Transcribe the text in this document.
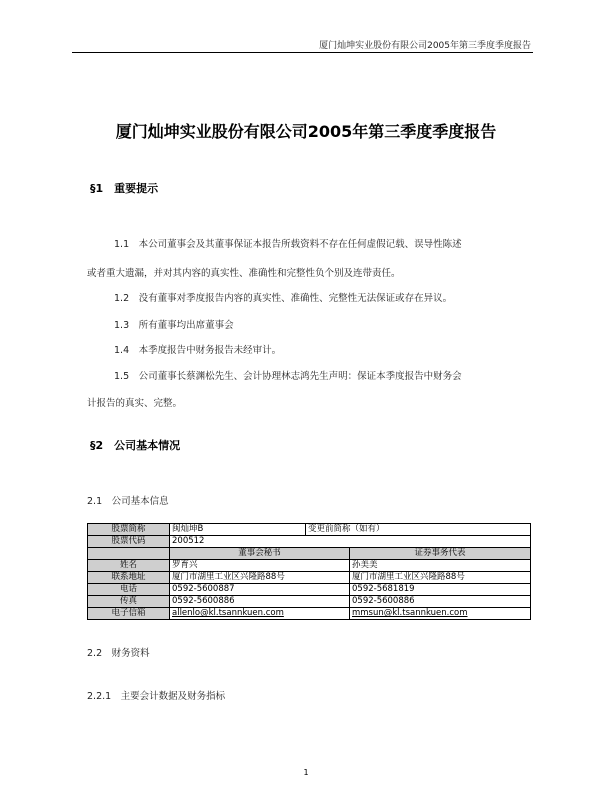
厦门灿坤实业股份有限公司2005年第三季度季度报告
厦门灿坤实业股份有限公司2005年第三季度季度报告
§1　重要提示
1.1　本公司董事会及其董事保证本报告所载资料不存在任何虚假记载、误导性陈述
或者重大遗漏，并对其内容的真实性、准确性和完整性负个别及连带责任。
1.2　没有董事对季度报告内容的真实性、准确性、完整性无法保证或存在异议。
1.3　所有董事均出席董事会
1.4　本季度报告中财务报告未经审计。
1.5　公司董事长蔡渊松先生、会计协理林志鸿先生声明：保证本季度报告中财务会
计报告的真实、完整。
§2　公司基本情况
2.1　公司基本信息
股票简称	闽灿坤B	变更前简称（如有）	
股票代码	200512		
	董事会秘书		证券事务代表
姓名	罗育兴		孙美美
联系地址	厦门市湖里工业区兴隆路88号		厦门市湖里工业区兴隆路88号
电话	0592-5600887		0592-5681819
传真	0592-5600886		0592-5600886
电子信箱	allenlo@kl.tsannkuen.com		mmsun@kl.tsannkuen.com
2.2　财务资料
2.2.1　主要会计数据及财务指标
1
